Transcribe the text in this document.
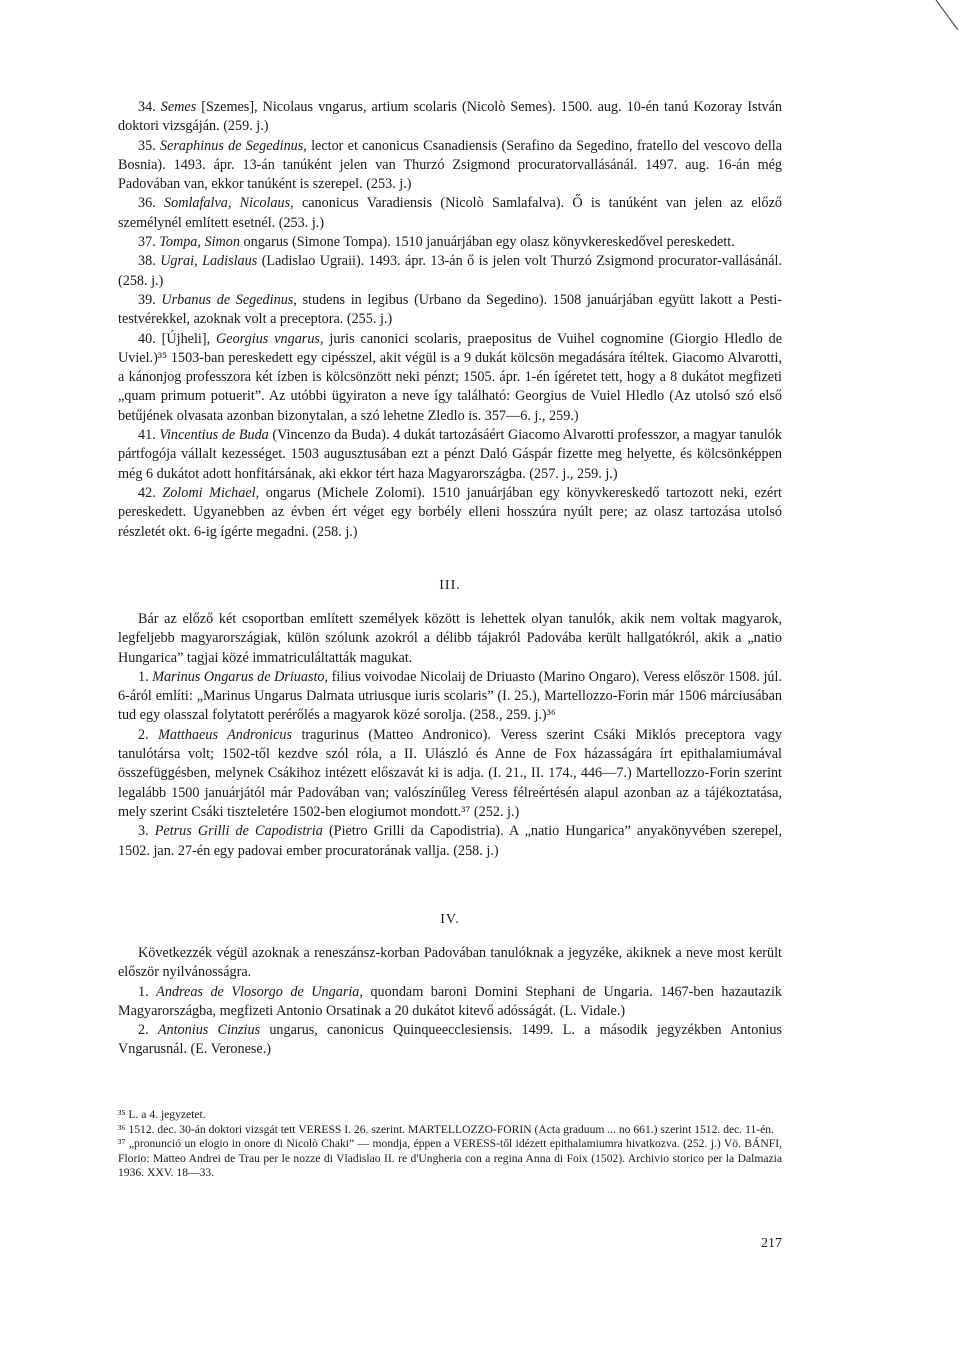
34. Semes [Szemes], Nicolaus vngarus, artium scolaris (Nicolò Semes). 1500. aug. 10-én tanú Kozoray István doktori vizsgáján. (259. j.)

35. Seraphinus de Segedinus, lector et canonicus Csanadiensis (Serafino da Segedino, fratello del vescovo della Bosnia). 1493. ápr. 13-án tanúként jelen van Thurzó Zsigmond procuratorvallásánál. 1497. aug. 16-án még Padovában van, ekkor tanúként is szerepel. (253. j.)

36. Somlafalva, Nicolaus, canonicus Varadiensis (Nicolò Samlafalva). Ő is tanúként van jelen az előző személynél említett esetnél. (253. j.)

37. Tompa, Simon ongarus (Simone Tompa). 1510 januárjában egy olasz könyvkereskedővel pereskedett.

38. Ugrai, Ladislaus (Ladislao Ugraii). 1493. ápr. 13-án ő is jelen volt Thurzó Zsigmond procurator-vallásánál. (258. j.)

39. Urbanus de Segedinus, studens in legibus (Urbano da Segedino). 1508 januárjában együtt lakott a Pesti-testvérekkel, azoknak volt a preceptora. (255. j.)

40. [Újheli], Georgius vngarus, juris canonici scolaris, praepositus de Vuihel cognomine (Giorgio Hledlo de Uviel.)³⁵ 1503-ban pereskedett egy cipésszel, akit végül is a 9 dukát kölcsön megadására ítéltek. Giacomo Alvarotti, a kánonjog professzora két ízben is kölcsönzött neki pénzt; 1505. ápr. 1-én ígéretet tett, hogy a 8 dukátot megfizeti „quam primum potuerit”. Az utóbbi ügyiraton a neve így található: Georgius de Vuiel Hledlo (Az utolsó szó első betűjének olvasata azonban bizonytalan, a szó lehetne Zledlo is. 357—6. j., 259.)

41. Vincentius de Buda (Vincenzo da Buda). 4 dukát tartozásáért Giacomo Alvarotti professzor, a magyar tanulók pártfogója vállalt kezességet. 1503 augusztusában ezt a pénzt Daló Gáspár fizette meg helyette, és kölcsönképpen még 6 dukátot adott honfitársának, aki ekkor tért haza Magyarországba. (257. j., 259. j.)

42. Zolomi Michael, ongarus (Michele Zolomi). 1510 januárjában egy könyvkereskedő tartozott neki, ezért pereskedett. Ugyanebben az évben ért véget egy borbély elleni hosszúra nyúlt pere; az olasz tartozása utolsó részletét okt. 6-ig ígérte megadni. (258. j.)

III.

Bár az előző két csoportban említett személyek között is lehettek olyan tanulók, akik nem voltak magyarok, legfeljebb magyarországiak, külön szólunk azokról a délibb tájakról Padovába került hallgatókról, akik a „natio Hungarica” tagjai közé immatriculáltatták magukat.

1. Marinus Ongarus de Driuasto, filius voivodae Nicolaij de Driuasto (Marino Ongaro). Veress először 1508. júl. 6-áról említi: „Marinus Ungarus Dalmata utriusque iuris scolaris” (I. 25.), Martellozzo-Forin már 1506 márciusában tud egy olasszal folytatott perérőlés a magyarok közé sorolja. (258., 259. j.)³⁶

2. Matthaeus Andronicus tragurinus (Matteo Andronico). Veress szerint Csáki Miklós preceptora vagy tanulótársa volt; 1502-től kezdve szól róla, a II. Ulászló és Anne de Fox házasságára írt epithalamiumával összefüggésben, melynek Csákihoz intézett előszavát ki is adja. (I. 21., II. 174., 446—7.) Martellozzo-Forin szerint legalább 1500 januárjától már Padovában van; valószínűleg Veress félreértésén alapul azonban az a tájékoztatása, mely szerint Csáki tiszteletére 1502-ben elogiumot mondott.³⁷ (252. j.)

3. Petrus Grilli de Capodistria (Pietro Grilli da Capodistria). A „natio Hungarica” anyakönyvében szerepel, 1502. jan. 27-én egy padovai ember procuratorának vallja. (258. j.)

IV.

Következzék végül azoknak a reneszánsz-korban Padovában tanulóknak a jegyzéke, akiknek a neve most került először nyilvánosságra.

1. Andreas de Vlosorgo de Ungaria, quondam baroni Domini Stephani de Ungaria. 1467-ben hazautazik Magyarországba, megfizeti Antonio Orsatinak a 20 dukátot kitevő adósságát. (L. Vidale.)

2. Antonius Cinzius ungarus, canonicus Quinqueecclesiensis. 1499. L. a második jegyzékben Antonius Vngarusnál. (E. Veronese.)

³⁵ L. a 4. jegyzetet.

³⁶ 1512. dec. 30-án doktori vizsgát tett VERESS I. 26. szerint. MARTELLOZZO-FORIN (Acta graduum ... no 661.) szerint 1512. dec. 11-én.

³⁷ „pronunció un elogio in onore di Nicolò Chaki” — mondja, éppen a VERESS-től idézett epithalamiumra hivatkozva. (252. j.) Vö. BÁNFI, Florio: Matteo Andrei de Trau per le nozze di Vladislao II. re d'Ungheria con a regina Anna di Foix (1502). Archivio storico per la Dalmazia 1936. XXV. 18—33.

217
